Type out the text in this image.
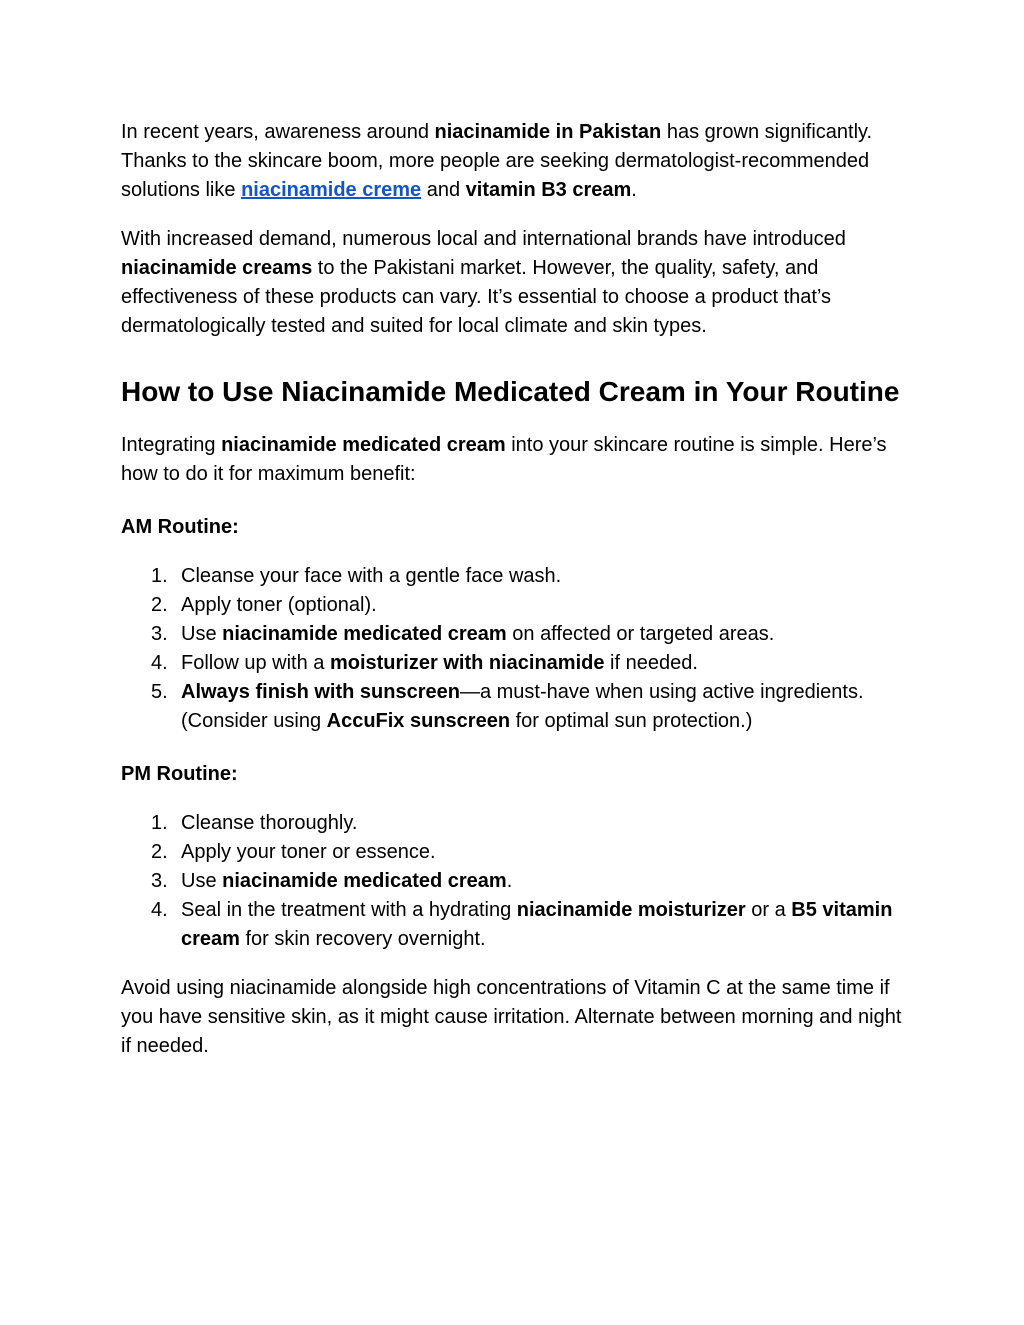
In recent years, awareness around niacinamide in Pakistan has grown significantly. Thanks to the skincare boom, more people are seeking dermatologist-recommended solutions like niacinamide creme and vitamin B3 cream.

With increased demand, numerous local and international brands have introduced niacinamide creams to the Pakistani market. However, the quality, safety, and effectiveness of these products can vary. It’s essential to choose a product that’s dermatologically tested and suited for local climate and skin types.

How to Use Niacinamide Medicated Cream in Your Routine

Integrating niacinamide medicated cream into your skincare routine is simple. Here’s how to do it for maximum benefit:

AM Routine:

1. Cleanse your face with a gentle face wash.
2. Apply toner (optional).
3. Use niacinamide medicated cream on affected or targeted areas.
4. Follow up with a moisturizer with niacinamide if needed.
5. Always finish with sunscreen—a must-have when using active ingredients. (Consider using AccuFix sunscreen for optimal sun protection.)

PM Routine:

1. Cleanse thoroughly.
2. Apply your toner or essence.
3. Use niacinamide medicated cream.
4. Seal in the treatment with a hydrating niacinamide moisturizer or a B5 vitamin cream for skin recovery overnight.

Avoid using niacinamide alongside high concentrations of Vitamin C at the same time if you have sensitive skin, as it might cause irritation. Alternate between morning and night if needed.
